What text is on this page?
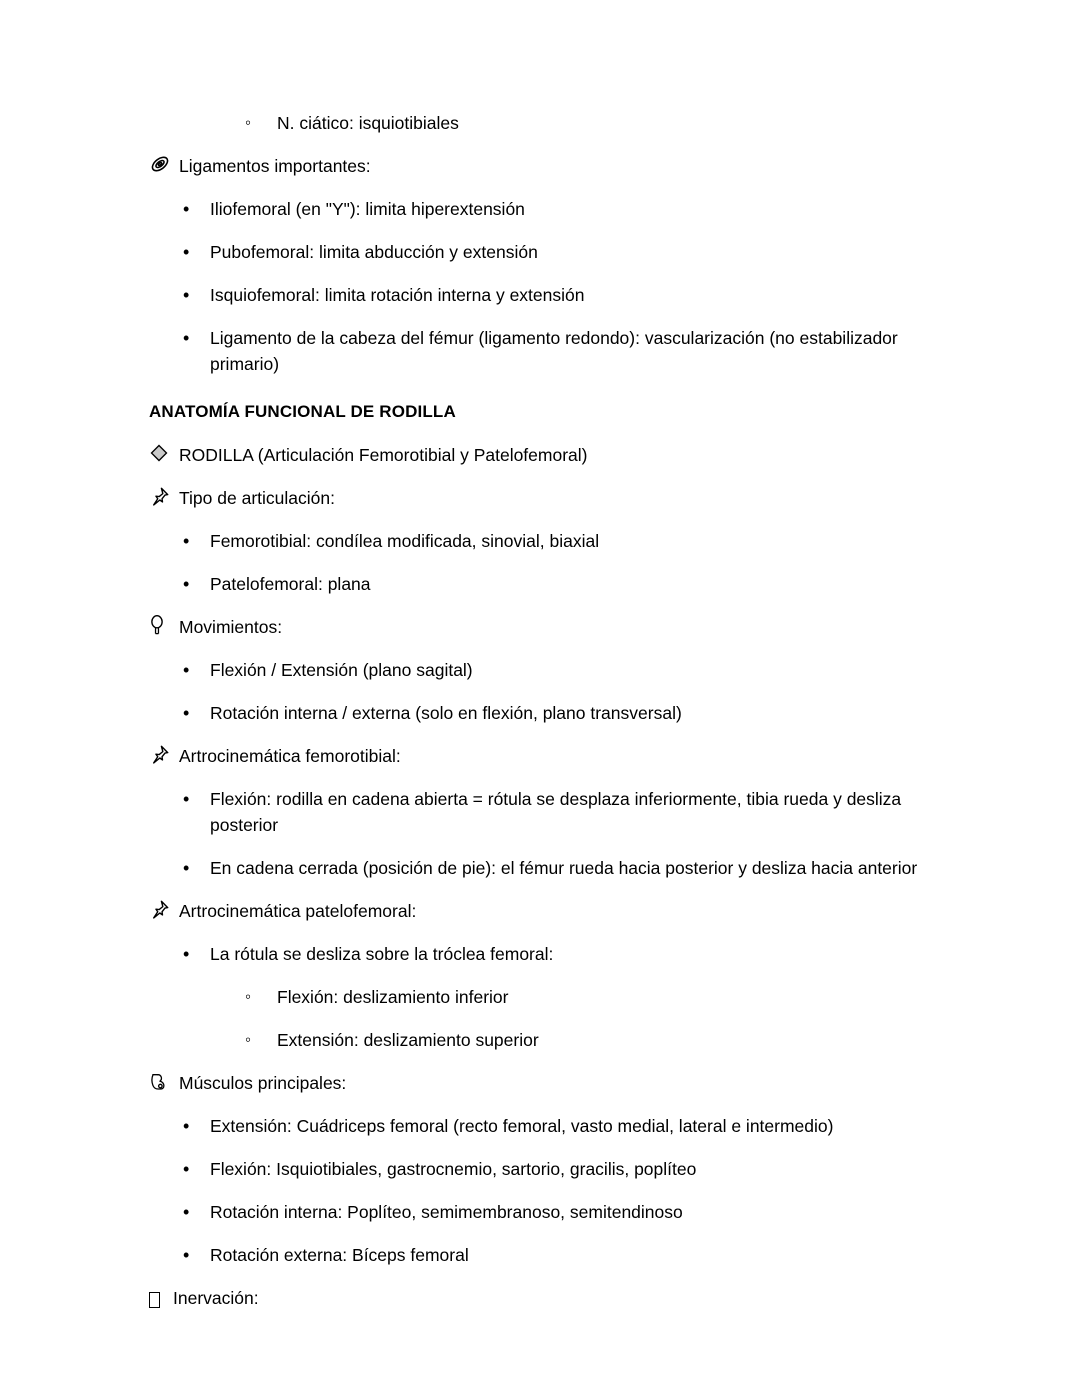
◦ N. ciático: isquiotibiales
Ligamentos importantes:
• Iliofemoral (en "Y"): limita hiperextensión
• Pubofemoral: limita abducción y extensión
• Isquiofemoral: limita rotación interna y extensión
• Ligamento de la cabeza del fémur (ligamento redondo): vascularización (no estabilizador primario)
ANATOMÍA FUNCIONAL DE RODILLA
RODILLA (Articulación Femorotibial y Patelofemoral)
Tipo de articulación:
• Femorotibial: condílea modificada, sinovial, biaxial
• Patelofemoral: plana
Movimientos:
• Flexión / Extensión (plano sagital)
• Rotación interna / externa (solo en flexión, plano transversal)
Artrocinemática femorotibial:
• Flexión: rodilla en cadena abierta = rótula se desplaza inferiormente, tibia rueda y desliza posterior
• En cadena cerrada (posición de pie): el fémur rueda hacia posterior y desliza hacia anterior
Artrocinemática patelofemoral:
• La rótula se desliza sobre la tróclea femoral:
◦ Flexión: deslizamiento inferior
◦ Extensión: deslizamiento superior
Músculos principales:
• Extensión: Cuádriceps femoral (recto femoral, vasto medial, lateral e intermedio)
• Flexión: Isquiotibiales, gastrocnemio, sartorio, gracilis, poplíteo
• Rotación interna: Poplíteo, semimembranoso, semitendinoso
• Rotación externa: Bíceps femoral
Inervación:
